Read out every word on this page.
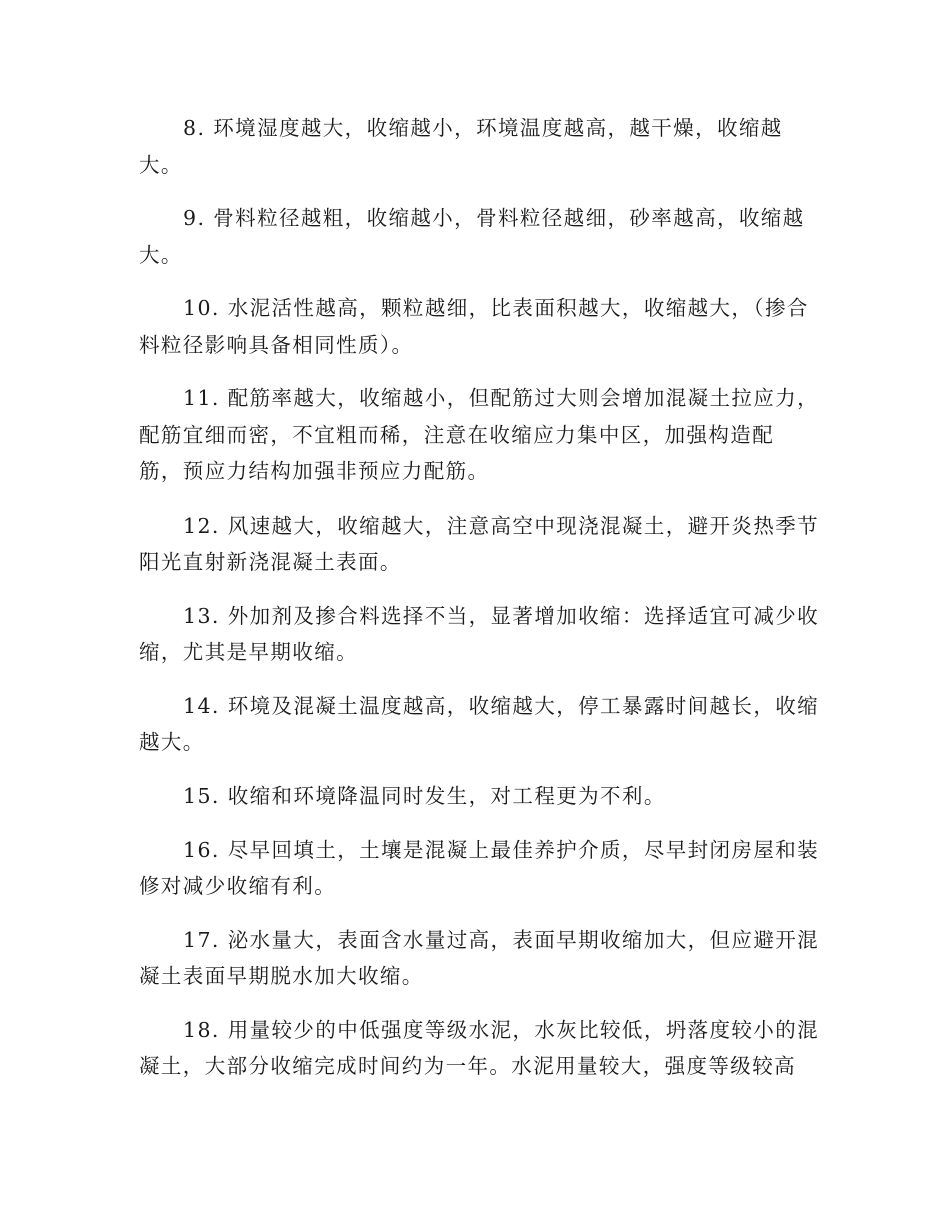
8. 环境湿度越大，收缩越小，环境温度越高，越干燥，收缩越

大。

9. 骨料粒径越粗，收缩越小，骨料粒径越细，砂率越高，收缩越

大。

10. 水泥活性越高，颗粒越细，比表面积越大，收缩越大，（掺合

料粒径影响具备相同性质）。

11. 配筋率越大，收缩越小，但配筋过大则会增加混凝土拉应力，

配筋宜细而密，不宜粗而稀，注意在收缩应力集中区，加强构造配

筋，预应力结构加强非预应力配筋。

12. 风速越大，收缩越大，注意高空中现浇混凝土，避开炎热季节

阳光直射新浇混凝土表面。

13. 外加剂及掺合料选择不当，显著增加收缩：选择适宜可减少收

缩，尤其是早期收缩。

14. 环境及混凝土温度越高，收缩越大，停工暴露时间越长，收缩

越大。

15. 收缩和环境降温同时发生，对工程更为不利。

16. 尽早回填土，土壤是混凝上最佳养护介质，尽早封闭房屋和装

修对减少收缩有利。

17. 泌水量大，表面含水量过高，表面早期收缩加大，但应避开混

凝土表面早期脱水加大收缩。

18. 用量较少的中低强度等级水泥，水灰比较低，坍落度较小的混

凝土，大部分收缩完成时间约为一年。水泥用量较大，强度等级较高
